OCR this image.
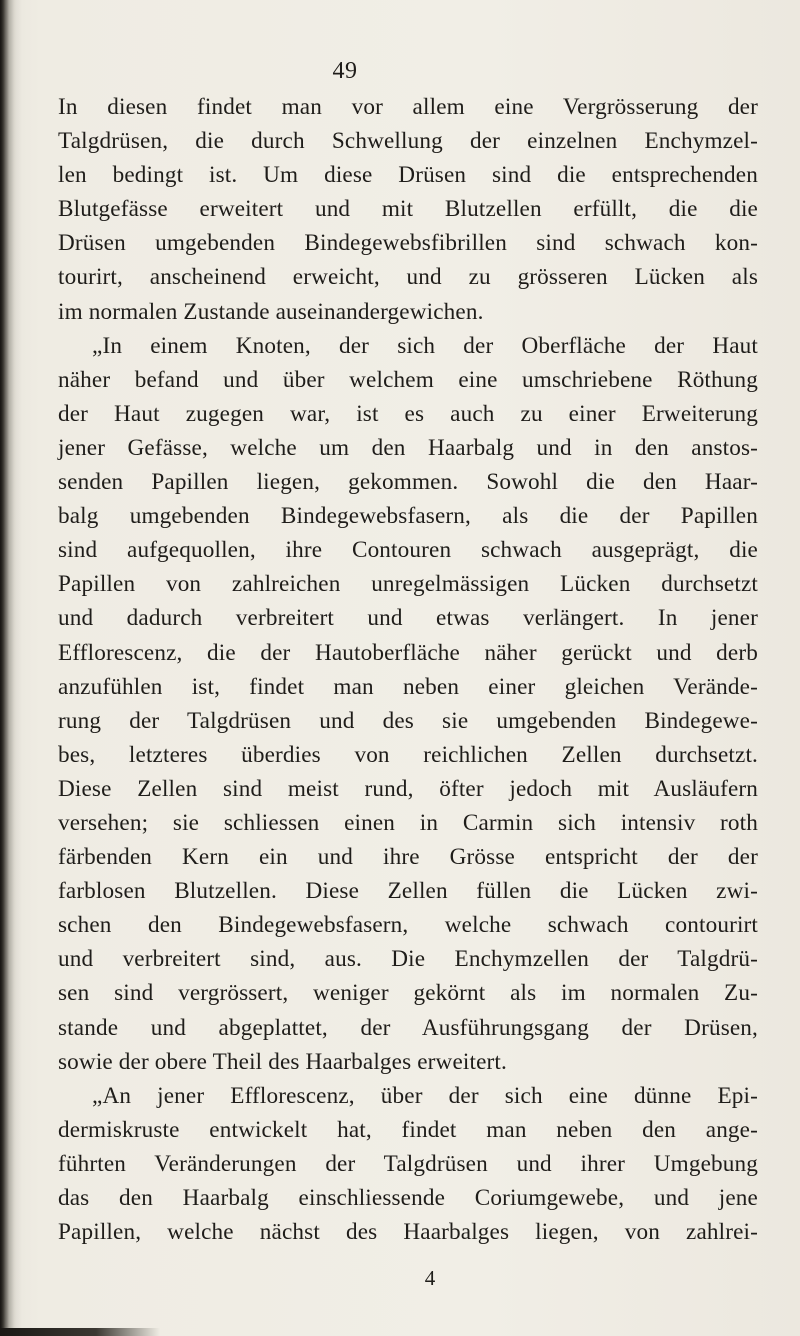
49
In diesen findet man vor allem eine Vergrösserung der
Talgdrüsen, die durch Schwellung der einzelnen Enchymzel-
len bedingt ist. Um diese Drüsen sind die entsprechenden
Blutgefässe erweitert und mit Blutzellen erfüllt, die die
Drüsen umgebenden Bindegewebsfibrillen sind schwach kon-
tourirt, anscheinend erweicht, und zu grösseren Lücken als
im normalen Zustande auseinandergewichen.
„In einem Knoten, der sich der Oberfläche der Haut
näher befand und über welchem eine umschriebene Röthung
der Haut zugegen war, ist es auch zu einer Erweiterung
jener Gefässe, welche um den Haarbalg und in den anstos-
senden Papillen liegen, gekommen. Sowohl die den Haar-
balg umgebenden Bindegewebsfasern, als die der Papillen
sind aufgequollen, ihre Contouren schwach ausgeprägt, die
Papillen von zahlreichen unregelmässigen Lücken durchsetzt
und dadurch verbreitert und etwas verlängert. In jener
Efflorescenz, die der Hautoberfläche näher gerückt und derb
anzufühlen ist, findet man neben einer gleichen Verände-
rung der Talgdrüsen und des sie umgebenden Bindegewe-
bes, letzteres überdies von reichlichen Zellen durchsetzt.
Diese Zellen sind meist rund, öfter jedoch mit Ausläufern
versehen; sie schliessen einen in Carmin sich intensiv roth
färbenden Kern ein und ihre Grösse entspricht der der
farblosen Blutzellen. Diese Zellen füllen die Lücken zwi-
schen den Bindegewebsfasern, welche schwach contourirt
und verbreitert sind, aus. Die Enchymzellen der Talgdrü-
sen sind vergrössert, weniger gekörnt als im normalen Zu-
stande und abgeplattet, der Ausführungsgang der Drüsen,
sowie der obere Theil des Haarbalges erweitert.
„An jener Efflorescenz, über der sich eine dünne Epi-
dermiskruste entwickelt hat, findet man neben den ange-
führten Veränderungen der Talgdrüsen und ihrer Umgebung
das den Haarbalg einschliessende Coriumgewebe, und jene
Papillen, welche nächst des Haarbalges liegen, von zahlrei-
4
